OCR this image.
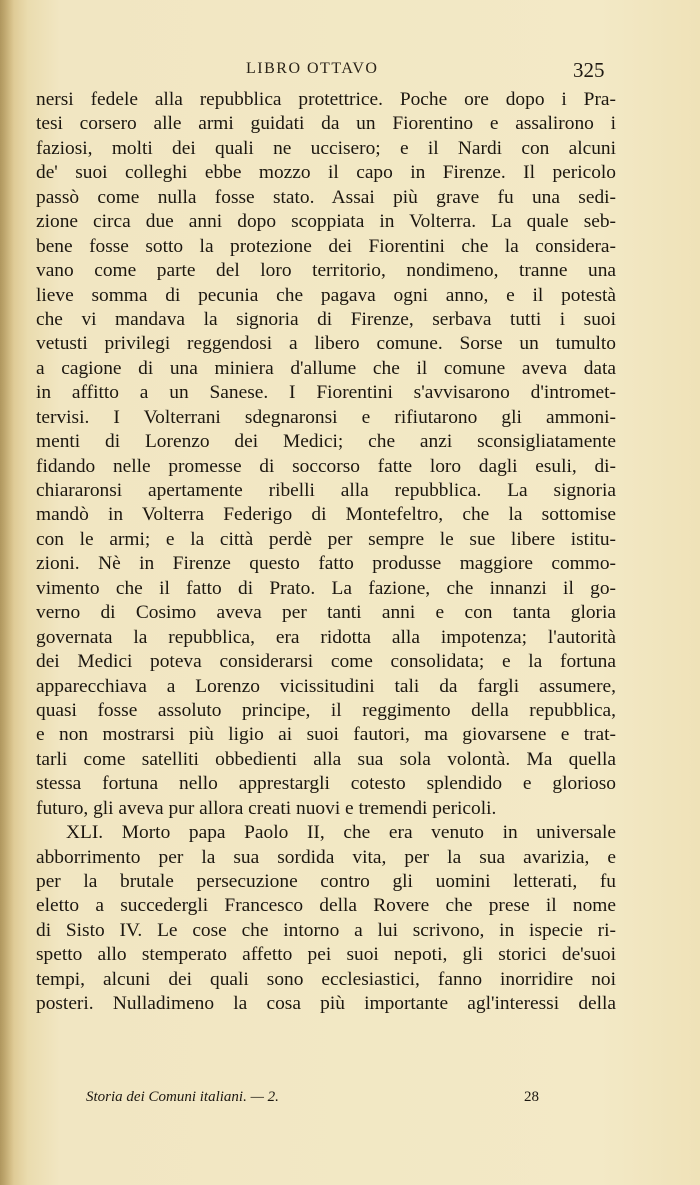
LIBRO OTTAVO	325
nersi fedele alla repubblica protettrice. Poche ore dopo i Pra-
tesi corsero alle armi guidati da un Fiorentino e assalirono i
faziosi, molti dei quali ne uccisero; e il Nardi con alcuni
de' suoi colleghi ebbe mozzo il capo in Firenze. Il pericolo
passò come nulla fosse stato. Assai più grave fu una sedi-
zione circa due anni dopo scoppiata in Volterra. La quale seb-
bene fosse sotto la protezione dei Fiorentini che la considera-
vano come parte del loro territorio, nondimeno, tranne una
lieve somma di pecunia che pagava ogni anno, e il potestà
che vi mandava la signoria di Firenze, serbava tutti i suoi
vetusti privilegi reggendosi a libero comune. Sorse un tumulto
a cagione di una miniera d'allume che il comune aveva data
in affitto a un Sanese. I Fiorentini s'avvisarono d'intromet-
tervisi. I Volterrani sdegnaronsi e rifiutarono gli ammoni-
menti di Lorenzo dei Medici; che anzi sconsigliatamente
fidando nelle promesse di soccorso fatte loro dagli esuli, di-
chiararonsi apertamente ribelli alla repubblica. La signoria
mandò in Volterra Federigo di Montefeltro, che la sottomise
con le armi; e la città perdè per sempre le sue libere istitu-
zioni. Nè in Firenze questo fatto produsse maggiore commo-
vimento che il fatto di Prato. La fazione, che innanzi il go-
verno di Cosimo aveva per tanti anni e con tanta gloria
governata la repubblica, era ridotta alla impotenza; l'autorità
dei Medici poteva considerarsi come consolidata; e la fortuna
apparecchiava a Lorenzo vicissitudini tali da fargli assumere,
quasi fosse assoluto principe, il reggimento della repubblica,
e non mostrarsi più ligio ai suoi fautori, ma giovarsene e trat-
tarli come satelliti obbedienti alla sua sola volontà. Ma quella
stessa fortuna nello apprestargli cotesto splendido e glorioso
futuro, gli aveva pur allora creati nuovi e tremendi pericoli.
XLI. Morto papa Paolo II, che era venuto in universale
abborrimento per la sua sordida vita, per la sua avarizia, e
per la brutale persecuzione contro gli uomini letterati, fu
eletto a succedergli Francesco della Rovere che prese il nome
di Sisto IV. Le cose che intorno a lui scrivono, in ispecie ri-
spetto allo stemperato affetto pei suoi nepoti, gli storici de'suoi
tempi, alcuni dei quali sono ecclesiastici, fanno inorridire noi
posteri. Nulladimeno la cosa più importante agl'interessi della
Storia dei Comuni italiani. — 2.	28
